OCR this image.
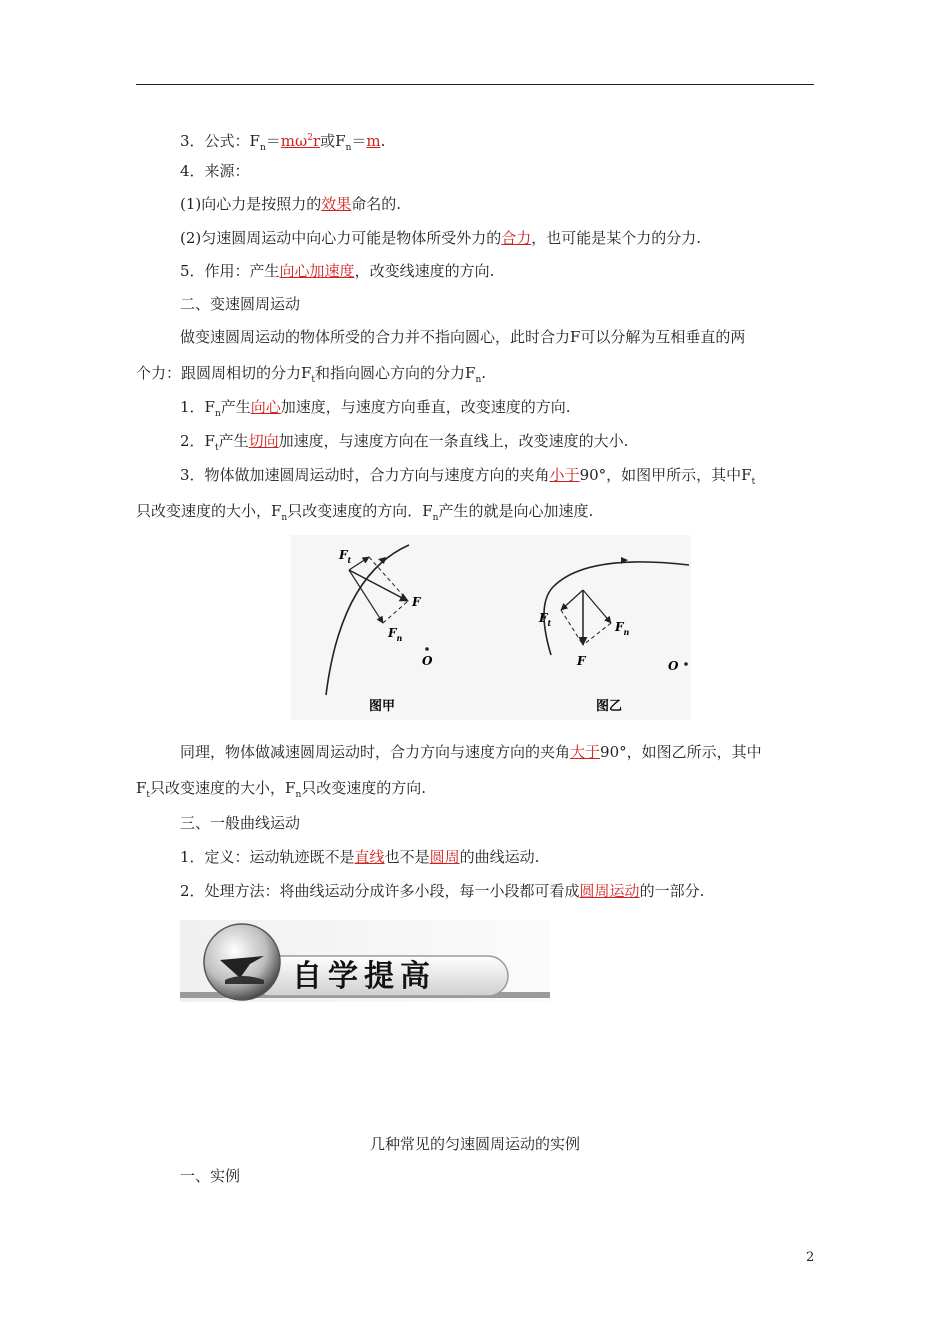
3．公式：$F_n=m\omega^2r$或$F_n=m$.
4．来源：
(1)向心力是按照力的效果命名的.
(2)匀速圆周运动中向心力可能是物体所受外力的合力，也可能是某个力的分力.
5．作用：产生向心加速度，改变线速度的方向.
二、变速圆周运动
做变速圆周运动的物体所受的合力并不指向圆心，此时合力F可以分解为互相垂直的两
个力：跟圆周相切的分力$F_t$和指向圆心方向的分力$F_n$.
1．$F_n$产生向心加速度，与速度方向垂直，改变速度的方向.
2．$F_t$产生切向加速度，与速度方向在一条直线上，改变速度的大小.
3．物体做加速圆周运动时，合力方向与速度方向的夹角小于90°，如图甲所示，其中$F_t$
只改变速度的大小，$F_n$只改变速度的方向．$F_n$产生的就是向心加速度.
$F_t$
F
$F_n$
O
图甲
$F_t$
F
$F_n$
O
图乙
同理，物体做减速圆周运动时，合力方向与速度方向的夹角大于90°，如图乙所示，其中
$F_t$只改变速度的大小，$F_n$只改变速度的方向.
三、一般曲线运动
1．定义：运动轨迹既不是直线也不是圆周的曲线运动.
2．处理方法：将曲线运动分成许多小段，每一小段都可看成圆周运动的一部分.
自学提高
几种常见的匀速圆周运动的实例
一、实例
2
